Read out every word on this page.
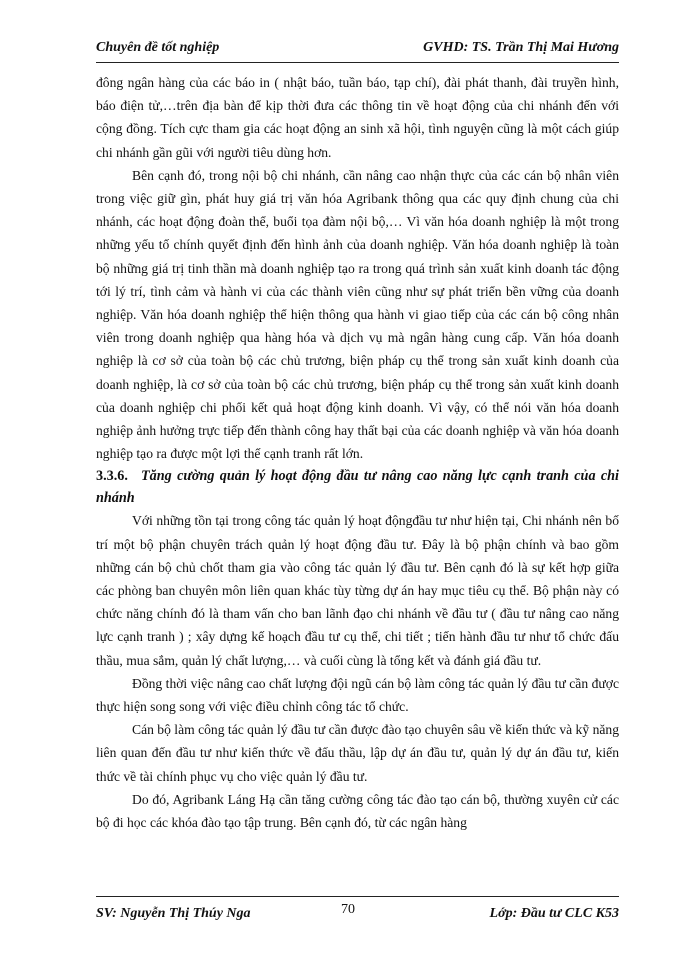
Chuyên đề tốt nghiệp	GVHD: TS. Trần Thị Mai Hương

đông ngân hàng của các báo in ( nhật báo, tuần báo, tạp chí), đài phát thanh, đài truyền hình, báo điện tử,…trên địa bàn để kịp thời đưa các thông tin về hoạt động của chi nhánh đến với cộng đồng. Tích cực tham gia các hoạt động an sinh xã hội, tình nguyện cũng là một cách giúp chi nhánh gần gũi với người tiêu dùng hơn.

Bên cạnh đó, trong nội bộ chi nhánh, cần nâng cao nhận thực của các cán bộ nhân viên trong việc giữ gìn, phát huy giá trị văn hóa Agribank thông qua các quy định chung của chi nhánh, các hoạt động đoàn thể, buổi tọa đàm nội bộ,… Vì văn hóa doanh nghiệp là một trong những yếu tố chính quyết định đến hình ảnh của doanh nghiệp. Văn hóa doanh nghiệp là toàn bộ những giá trị tinh thần mà doanh nghiệp tạo ra trong quá trình sản xuất kinh doanh tác động tới lý trí, tình cảm và hành vi của các thành viên cũng như sự phát triển bền vững của doanh nghiệp. Văn hóa doanh nghiệp thể hiện thông qua hành vi giao tiếp của các cán bộ công nhân viên trong doanh nghiệp qua hàng hóa và dịch vụ mà ngân hàng cung cấp. Văn hóa doanh nghiệp là cơ sở của toàn bộ các chủ trương, biện pháp cụ thể trong sản xuất kinh doanh của doanh nghiệp, là cơ sở của toàn bộ các chủ trương, biện pháp cụ thể trong sản xuất kinh doanh của doanh nghiệp chi phối kết quả hoạt động kinh doanh. Vì vậy, có thể nói văn hóa doanh nghiệp ảnh hưởng trực tiếp đến thành công hay thất bại của các doanh nghiệp và văn hóa doanh nghiệp tạo ra được một lợi thế cạnh tranh rất lớn.

3.3.6. Tăng cường quản lý hoạt động đầu tư nâng cao năng lực cạnh tranh của chi nhánh

Với những tồn tại trong công tác quản lý hoạt độngđầu tư như hiện tại, Chi nhánh nên bố trí một bộ phận chuyên trách quản lý hoạt động đầu tư. Đây là bộ phận chính và bao gồm những cán bộ chủ chốt tham gia vào công tác quản lý đầu tư. Bên cạnh đó là sự kết hợp giữa các phòng ban chuyên môn liên quan khác tùy từng dự án hay mục tiêu cụ thể. Bộ phận này có chức năng chính đó là tham vấn cho ban lãnh đạo chi nhánh về đầu tư ( đầu tư nâng cao năng lực cạnh tranh ) ; xây dựng kế hoạch đầu tư cụ thể, chi tiết ; tiến hành đầu tư như tổ chức đấu thầu, mua sắm, quản lý chất lượng,… và cuối cùng là tổng kết và đánh giá đầu tư.

Đồng thời việc nâng cao chất lượng đội ngũ cán bộ làm công tác quản lý đầu tư cần được thực hiện song song với việc điều chỉnh công tác tổ chức.

Cán bộ làm công tác quản lý đầu tư cần được đào tạo chuyên sâu về kiến thức và kỹ năng liên quan đến đầu tư như kiến thức về đấu thầu, lập dự án đầu tư, quản lý dự án đầu tư, kiến thức về tài chính phục vụ cho việc quản lý đầu tư.

Do đó, Agribank Láng Hạ cần tăng cường công tác đào tạo cán bộ, thường xuyên cử các bộ đi học các khóa đào tạo tập trung. Bên cạnh đó, từ các ngân hàng

SV: Nguyễn Thị Thúy Nga	70	Lớp: Đầu tư CLC K53
